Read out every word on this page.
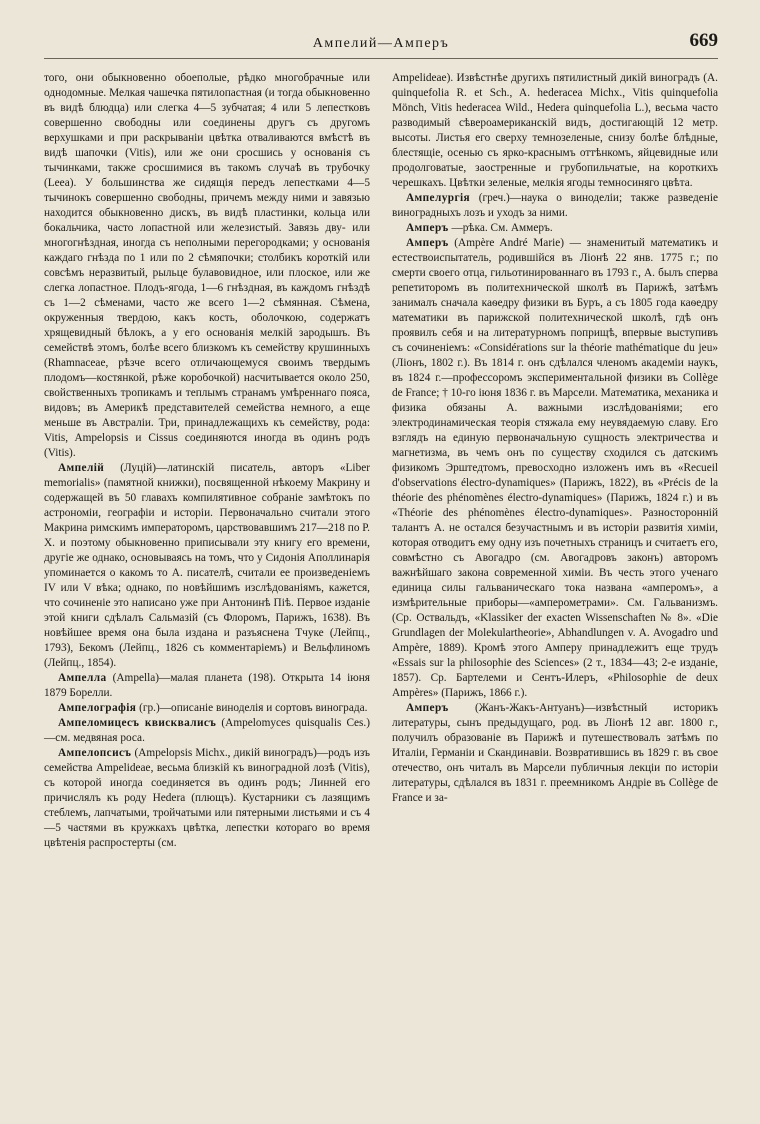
Ампелий—Амперъ	669

того, они обыкновенно обоеполые, рѣдко многобрачные или однодомные. Мелкая чашечка пятилопастная (и тогда обыкновенно въ видѣ блюдца) или слегка 4—5 зубчатая; 4 или 5 лепестковъ совершенно свободны или соединены другъ съ другомъ верхушками и при раскрываніи цвѣтка отваливаются вмѣстѣ въ видѣ шапочки (Vitis), или же они сросшись у основанія съ тычинками, также сросшимися въ такомъ случаѣ въ трубочку (Leea). У большинства же сидящія передъ лепестками 4—5 тычинокъ совершенно свободны, причемъ между ними и завязью находится обыкновенно дискъ, въ видѣ пластинки, кольца или бокальчика, часто лопастной или железистый. Завязь дву- или многогнѣздная, иногда съ неполными перегородками; у основанія каждаго гнѣзда по 1 или по 2 сѣмяпочки; столбикъ короткій или совсѣмъ неразвитый, рыльце булавовидное, или плоское, или же слегка лопастное. Плодъ-ягода, 1—6 гнѣздная, въ каждомъ гнѣздѣ съ 1—2 сѣменами, часто же всего 1—2 сѣмянная. Сѣмена, окруженныя твердою, какъ кость, оболочкою, содержатъ хрящевидный бѣлокъ, а у его основанія мелкій зародышъ. Въ семействѣ этомъ, болѣе всего близкомъ къ семейству крушинныхъ (Rhamnaceae, рѣзче всего отличающемуся своимъ твердымъ плодомъ—костянкой, рѣже коробочкой) насчитывается около 250, свойственныхъ тропикамъ и теплымъ странамъ умѣреннаго пояса, видовъ; въ Америкѣ представителей семейства немного, а еще меньше въ Австраліи. Три, принадлежащихъ къ семейству, рода: Vitis, Ampelopsis и Cissus соединяются иногда въ одинъ родъ (Vitis).

Ампелій (Луцій)—латинскій писатель, авторъ «Liber memorialis» (памятной книжки), посвященной нѣкоему Макрину и содержащей въ 50 главахъ компилятивное собраніе замѣтокъ по астрономіи, географіи и исторіи. Первоначально считали этого Макрина римскимъ императоромъ, царствовавшимъ 217—218 по Р. Х. и поэтому обыкновенно приписывали эту книгу его времени, другіе же однако, основываясь на томъ, что у Сидонія Аполлинарія упоминается о какомъ то А. писателѣ, считали ее произведеніемъ IV или V вѣка; однако, по новѣйшимъ изслѣдованіямъ, кажется, что сочиненіе это написано уже при Антонинѣ Піѣ. Первое изданіе этой книги сдѣлалъ Сальмазій (съ Флоромъ, Парижъ, 1638). Въ новѣйшее время она была издана и разъяснена Тчуке (Лейпц., 1793), Бекомъ (Лейпц., 1826 съ комментаріемъ) и Вельфлиномъ (Лейпц., 1854).

Ампелла (Ampella)—малая планета (198). Открыта 14 іюня 1879 Борелли.

Ампелографія (гр.)—описаніе виноделія и сортовъ винограда.

Ампеломицесъ квисквалисъ (Ampelomyces quisqualis Ces.)—см. медвяная роса.

Ампелопсисъ (Ampelopsis Michx., дикій виноградъ)—родъ изъ семейства Ampelideae, весьма близкій къ виноградной лозѣ (Vitis), съ которой иногда соединяется въ одинъ родъ; Линней его причислялъ къ роду Hedera (плющъ). Кустарники съ лазящимъ стеблемъ, лапчатыми, тройчатыми или пятерными листьями и съ 4—5 частями въ кружкахъ цвѣтка, лепестки котораго во время цвѣтенія распростерты (см.

Ampelideae). Извѣстнѣе другихъ пятилистный дикій виноградъ (A. quinquefolia R. et Sch., A. hederacea Michx., Vitis quinquefolia Mönch, Vitis hederacea Wild., Hedera quinquefolia L.), весьма часто разводимый сѣвероамериканскій видъ, достигающій 12 метр. высоты. Листья его сверху темнозеленые, снизу болѣе блѣдные, блестящіе, осенью съ ярко-краснымъ оттѣнкомъ, яйцевидные или продолговатые, заостренные и грубопильчатые, на короткихъ черешкахъ. Цвѣтки зеленые, мелкія ягоды темносиняго цвѣта.

Ампелургія (греч.)—наука о виноделіи; также разведеніе виноградныхъ лозъ и уходъ за ними.

Амперъ —рѣка. См. Аммеръ.

Амперъ (Ampère André Marie) — знаменитый математикъ и естествоиспытатель, родившійся въ Ліонѣ 22 янв. 1775 г.; по смерти своего отца, гильотинированнаго въ 1793 г., А. былъ сперва репетиторомъ въ политехнической школѣ въ Парижѣ, затѣмъ занималъ сначала каѳедру физики въ Буръ, а съ 1805 года каѳедру математики въ парижской политехнической школѣ, гдѣ онъ проявилъ себя и на литературномъ поприщѣ, впервые выступивъ съ сочиненіемъ: «Considérations sur la théorie mathématique du jeu» (Ліонъ, 1802 г.). Въ 1814 г. онъ сдѣлался членомъ академіи наукъ, въ 1824 г.—профессоромъ экспериментальной физики въ Collège de France; † 10-го іюня 1836 г. въ Марсели. Математика, механика и физика обязаны А. важными изслѣдованіями; его электродинамическая теорія стяжала ему неувядаемую славу. Его взглядъ на единую первоначальную сущность электричества и магнетизма, въ чемъ онъ по существу сходился съ датскимъ физикомъ Эрштедтомъ, превосходно изложенъ имъ въ «Recueil d'observations électro-dynamiques» (Парижъ, 1822), въ «Précis de la théorie des phénomènes électro-dynamiques» (Парижъ, 1824 г.) и въ «Théorie des phénomènes électro-dynamiques». Разносторонній талантъ А. не остался безучастнымъ и въ исторіи развитія химіи, которая отводитъ ему одну изъ почетныхъ страницъ и считаетъ его, совмѣстно съ Авогадро (см. Авогадровъ законъ) авторомъ важнѣйшаго закона современной химіи. Въ честь этого ученаго единица силы гальваническаго тока названа «амперомъ», а измѣрительные приборы—«амперометрами». См. Гальванизмъ. (Ср. Оствальдъ, «Klassiker der exacten Wissenschaften № 8». «Die Grundlagen der Molekulartheorie», Abhandlungen v. A. Avogadro und Ampère, 1889). Кромѣ этого Амперу принадлежитъ еще трудъ «Essais sur la philosophie des Sciences» (2 т., 1834—43; 2-е изданіе, 1857). Ср. Бартелеми и Сентъ-Илеръ, «Philosophie de deux Ampères» (Парижъ, 1866 г.).

Амперъ (Жанъ-Жакъ-Антуанъ)—извѣстный историкъ литературы, сынъ предыдущаго, род. въ Ліонѣ 12 авг. 1800 г., получилъ образованіе въ Парижѣ и путешествовалъ затѣмъ по Италіи, Германіи и Скандинавіи. Возвратившись въ 1829 г. въ свое отечество, онъ читалъ въ Марсели публичныя лекціи по исторіи литературы, сдѣлался въ 1831 г. преемникомъ Андріе въ Collège de France и за-
